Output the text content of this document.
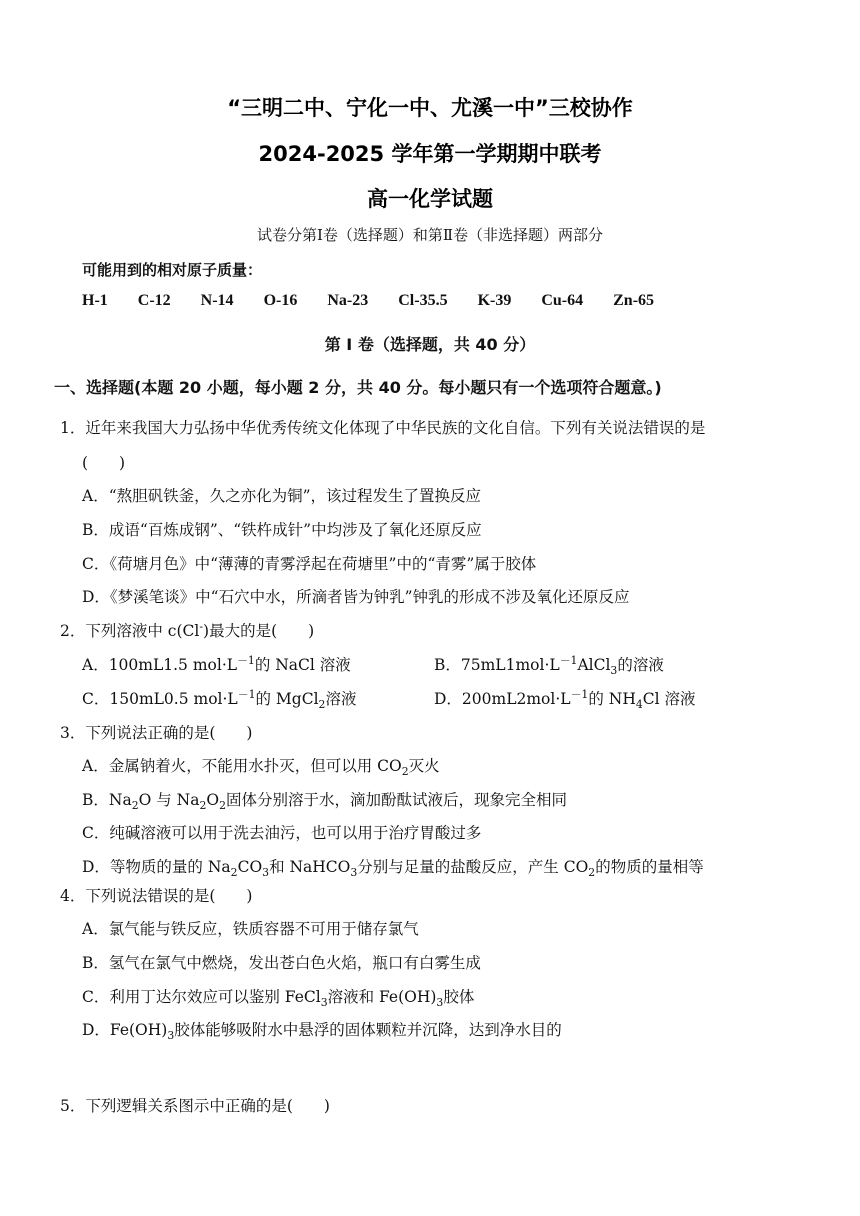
“三明二中、宁化一中、尤溪一中”三校协作
2024-2025 学年第一学期期中联考
高一化学试题
试卷分第Ⅰ卷（选择题）和第Ⅱ卷（非选择题）两部分
可能用到的相对原子质量：
H-1 C-12 N-14 O-16 Na-23 Cl-35.5 K-39 Cu-64 Zn-65
第 I 卷（选择题，共 40 分）
一、选择题(本题 20 小题，每小题 2 分，共 40 分。每小题只有一个选项符合题意。)
1．近年来我国大力弘扬中华优秀传统文化体现了中华民族的文化自信。下列有关说法错误的是
(　　)
A．“熬胆矾铁釜，久之亦化为铜”，该过程发生了置换反应
B．成语“百炼成钢”、“铁杵成针”中均涉及了氧化还原反应
C．《荷塘月色》中“薄薄的青雾浮起在荷塘里”中的“青雾”属于胶体
D．《梦溪笔谈》中“石穴中水，所滴者皆为钟乳”钟乳的形成不涉及氧化还原反应
2．下列溶液中 c(Cl-)最大的是(　　)
A．100mL1.5 $mol\cdot L^{-1}$的 NaCl 溶液	B．$75mL1mol\cdot L^{-1}AlCl_3$的溶液
C．150mL0.5 $mol\cdot L^{-1}$的 MgCl$_2$溶液	D．$200mL2mol\cdot L^{-1}$的 $NH_4Cl$ 溶液
3．下列说法正确的是(　　)
A．金属钠着火，不能用水扑灭，但可以用 $CO_2$灭火
B．$Na_2O$ 与 $Na_2O_2$固体分别溶于水，滴加酚酞试液后，现象完全相同
C．纯碱溶液可以用于洗去油污，也可以用于治疗胃酸过多
D．等物质的量的 $Na_2CO_3$和 NaHCO$_3$分别与足量的盐酸反应，产生 $CO_2$的物质的量相等
4．下列说法错误的是(　　)
A．氯气能与铁反应，铁质容器不可用于储存氯气
B．氢气在氯气中燃烧，发出苍白色火焰，瓶口有白雾生成
C．利用丁达尔效应可以鉴别 FeCl$_3$溶液和 $Fe(OH)_3$胶体
D．$Fe(OH)_3$胶体能够吸附水中悬浮的固体颗粒并沉降，达到净水目的
5．下列逻辑关系图示中正确的是(　　)
